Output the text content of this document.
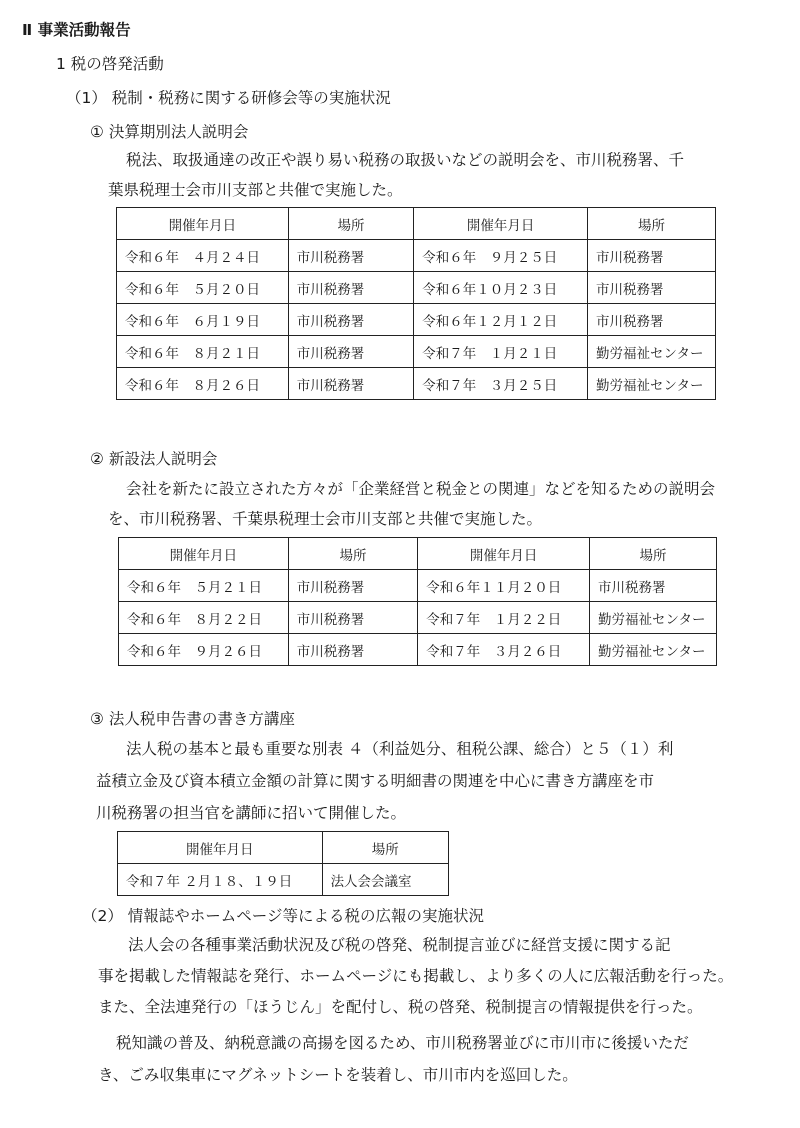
Ⅱ 事業活動報告
1 税の啓発活動
（1） 税制・税務に関する研修会等の実施状況
① 決算期別法人説明会
税法、取扱通達の改正や誤り易い税務の取扱いなどの説明会を、市川税務署、千
葉県税理士会市川支部と共催で実施した。
開催年月日	場所	開催年月日	場所
令和６年　４月２４日	市川税務署	令和６年　９月２５日	市川税務署
令和６年　５月２０日	市川税務署	令和６年１０月２３日	市川税務署
令和６年　６月１９日	市川税務署	令和６年１２月１２日	市川税務署
令和６年　８月２１日	市川税務署	令和７年　１月２１日	勤労福祉センター
令和６年　８月２６日	市川税務署	令和７年　３月２５日	勤労福祉センター
② 新設法人説明会
会社を新たに設立された方々が「企業経営と税金との関連」などを知るための説明会
を、市川税務署、千葉県税理士会市川支部と共催で実施した。
開催年月日	場所	開催年月日	場所
令和６年　５月２１日	市川税務署	令和６年１１月２０日	市川税務署
令和６年　８月２２日	市川税務署	令和７年　１月２２日	勤労福祉センター
令和６年　９月２６日	市川税務署	令和７年　３月２６日	勤労福祉センター
③ 法人税申告書の書き方講座
法人税の基本と最も重要な別表 ４（利益処分、租税公課、総合）と５（１）利
益積立金及び資本積立金額の計算に関する明細書の関連を中心に書き方講座を市
川税務署の担当官を講師に招いて開催した。
開催年月日	場所
令和７年 ２月１８、１９日	法人会会議室
（2） 情報誌やホームページ等による税の広報の実施状況
法人会の各種事業活動状況及び税の啓発、税制提言並びに経営支援に関する記
事を掲載した情報誌を発行、ホームページにも掲載し、より多くの人に広報活動を行った。
また、全法連発行の「ほうじん」を配付し、税の啓発、税制提言の情報提供を行った。
税知識の普及、納税意識の高揚を図るため、市川税務署並びに市川市に後援いただ
き、ごみ収集車にマグネットシートを装着し、市川市内を巡回した。
